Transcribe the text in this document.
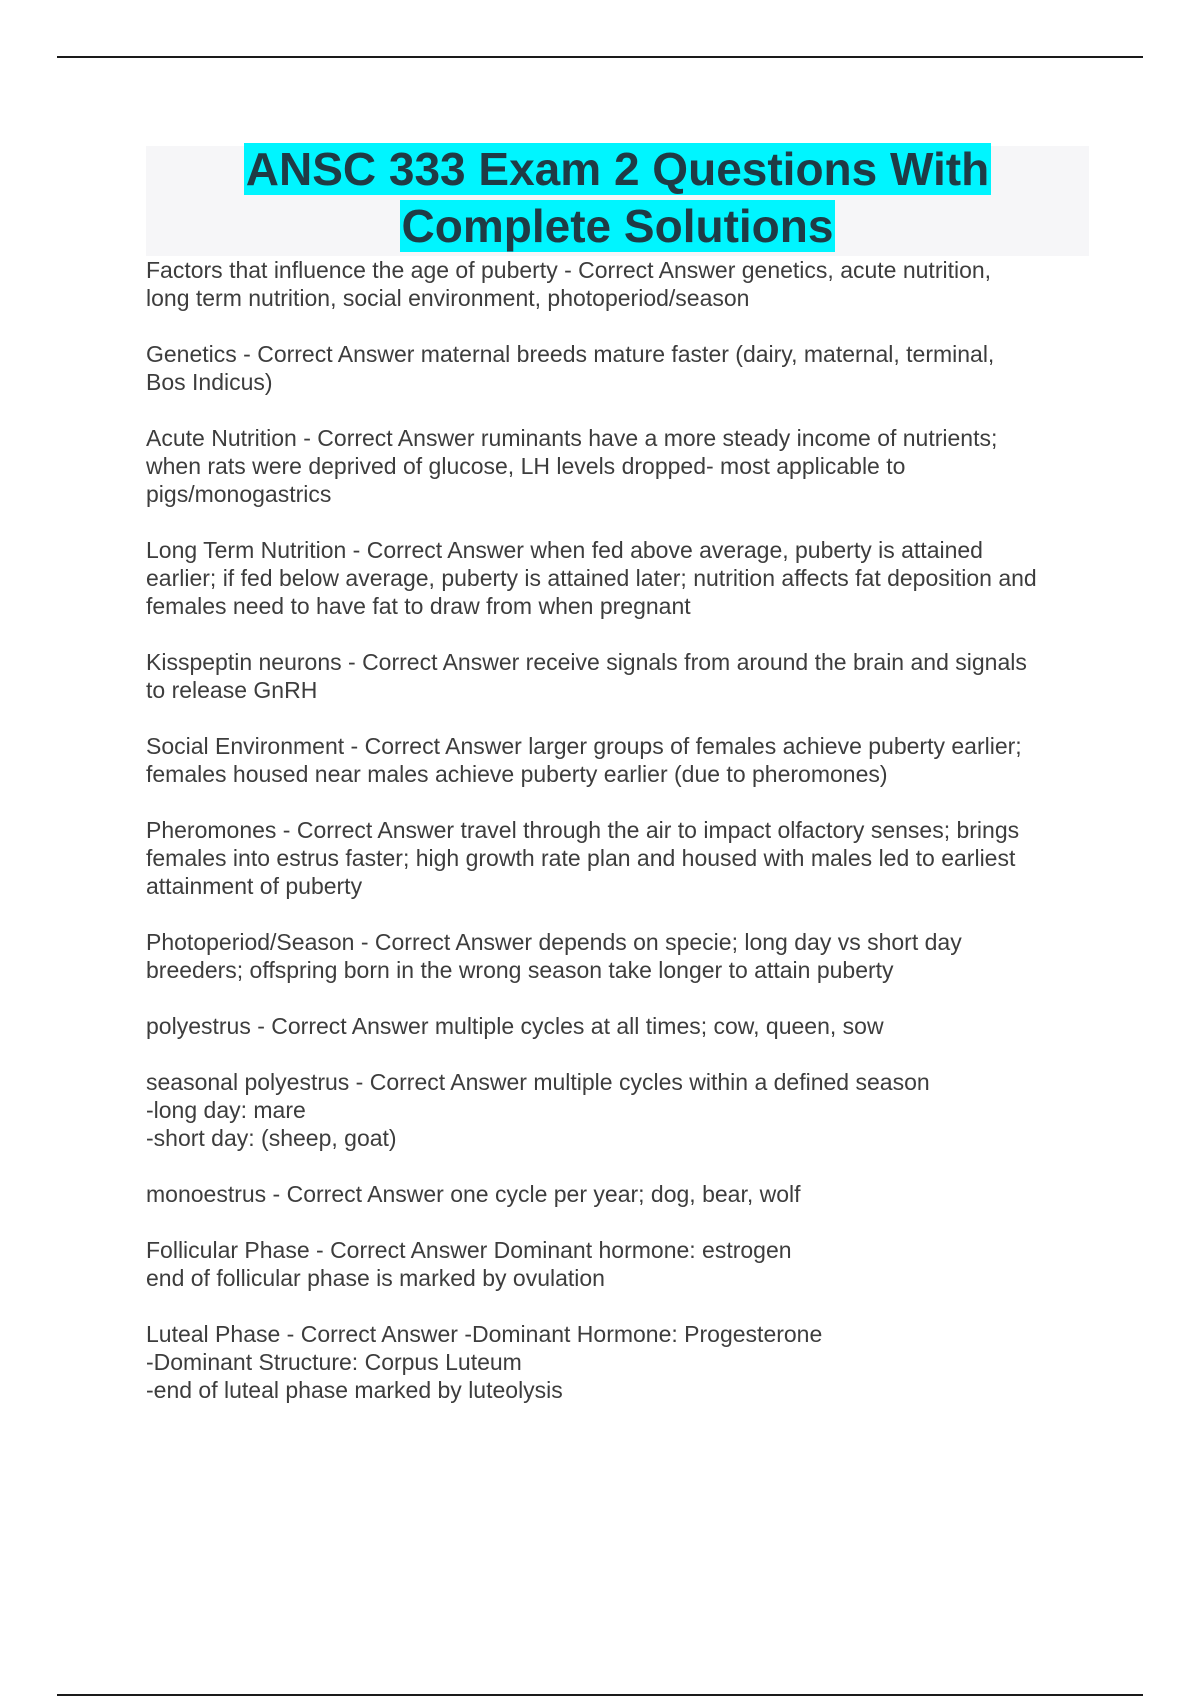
ANSC 333 Exam 2 Questions With
Complete Solutions
Factors that influence the age of puberty - Correct Answer genetics, acute nutrition,
long term nutrition, social environment, photoperiod/season
Genetics - Correct Answer maternal breeds mature faster (dairy, maternal, terminal,
Bos Indicus)
Acute Nutrition - Correct Answer ruminants have a more steady income of nutrients;
when rats were deprived of glucose, LH levels dropped- most applicable to
pigs/monogastrics
Long Term Nutrition - Correct Answer when fed above average, puberty is attained
earlier; if fed below average, puberty is attained later; nutrition affects fat deposition and
females need to have fat to draw from when pregnant
Kisspeptin neurons - Correct Answer receive signals from around the brain and signals
to release GnRH
Social Environment - Correct Answer larger groups of females achieve puberty earlier;
females housed near males achieve puberty earlier (due to pheromones)
Pheromones - Correct Answer travel through the air to impact olfactory senses; brings
females into estrus faster; high growth rate plan and housed with males led to earliest
attainment of puberty
Photoperiod/Season - Correct Answer depends on specie; long day vs short day
breeders; offspring born in the wrong season take longer to attain puberty
polyestrus - Correct Answer multiple cycles at all times; cow, queen, sow
seasonal polyestrus - Correct Answer multiple cycles within a defined season
-long day: mare
-short day: (sheep, goat)
monoestrus - Correct Answer one cycle per year; dog, bear, wolf
Follicular Phase - Correct Answer Dominant hormone: estrogen
end of follicular phase is marked by ovulation
Luteal Phase - Correct Answer -Dominant Hormone: Progesterone
-Dominant Structure: Corpus Luteum
-end of luteal phase marked by luteolysis
